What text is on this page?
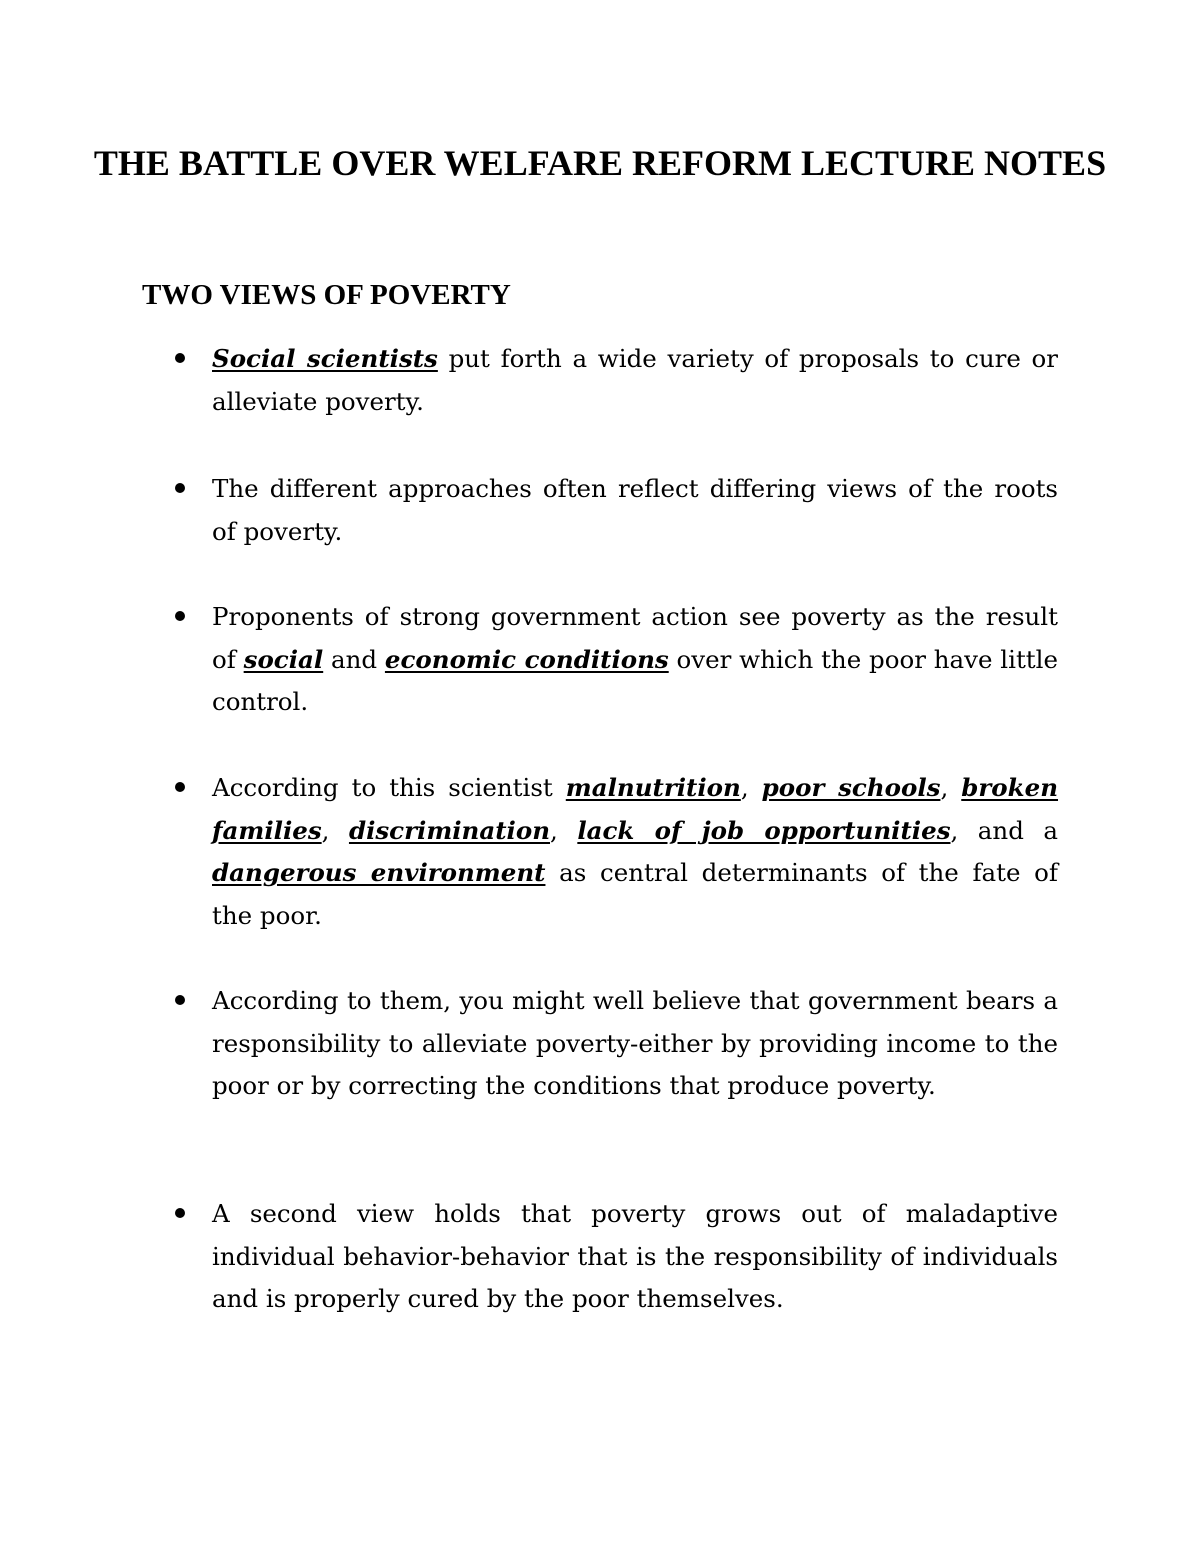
THE BATTLE OVER WELFARE REFORM LECTURE NOTES
TWO VIEWS OF POVERTY
Social scientists put forth a wide variety of proposals to cure or alleviate poverty.
The different approaches often reflect differing views of the roots of poverty.
Proponents of strong government action see poverty as the result of social and economic conditions over which the poor have little control.
According to this scientist malnutrition, poor schools, broken families, discrimination, lack of job opportunities, and a dangerous environment as central determinants of the fate of the poor.
According to them, you might well believe that government bears a responsibility to alleviate poverty-either by providing income to the poor or by correcting the conditions that produce poverty.
A second view holds that poverty grows out of maladaptive individual behavior-behavior that is the responsibility of individuals and is properly cured by the poor themselves.
